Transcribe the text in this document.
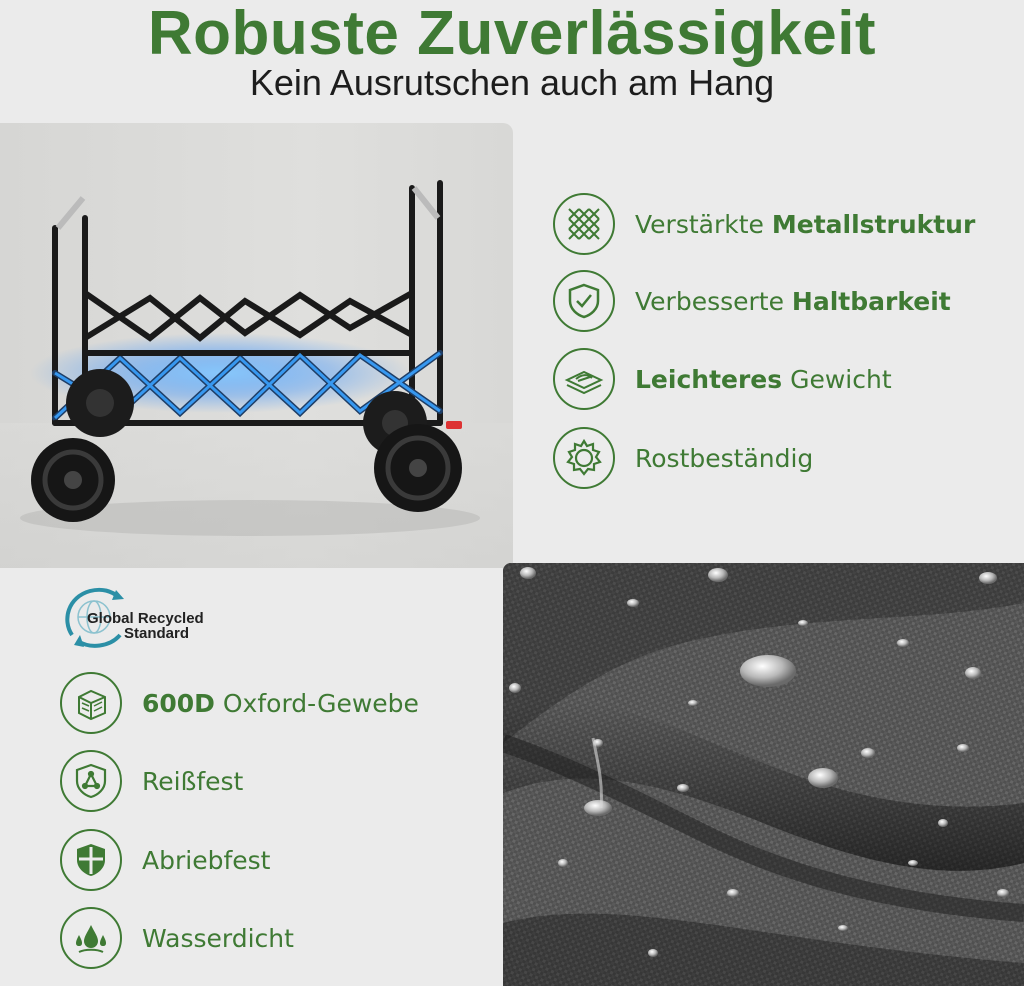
Robuste Zuverlässigkeit
Kein Ausrutschen auch am Hang
Verstärkte Metallstruktur
Verbesserte Haltbarkeit
Leichteres Gewicht
Rostbeständig
Global Recycled
Standard
600D Oxford-Gewebe
Reißfest
Abriebfest
Wasserdicht
